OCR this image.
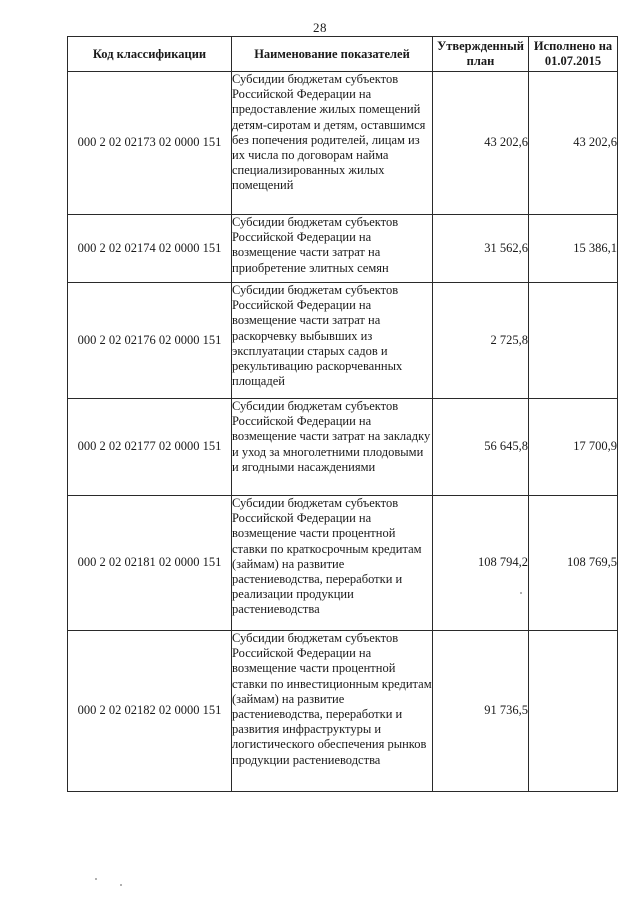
28
Код классификации	Наименование показателей	Утвержденный план	Исполнено на 01.07.2015
000 2 02 02173 02 0000 151	Субсидии бюджетам субъектов Российской Федерации на предоставление жилых помещений детям-сиротам и детям, оставшимся без попечения родителей, лицам из их числа по договорам найма специализированных жилых помещений	43 202,6	43 202,6
000 2 02 02174 02 0000 151	Субсидии бюджетам субъектов Российской Федерации на возмещение части затрат на приобретение элитных семян	31 562,6	15 386,1
000 2 02 02176 02 0000 151	Субсидии бюджетам субъектов Российской Федерации на возмещение части затрат на раскорчевку выбывших из эксплуатации старых садов и рекультивацию раскорчеванных площадей	2 725,8	
000 2 02 02177 02 0000 151	Субсидии бюджетам субъектов Российской Федерации на возмещение части затрат на закладку и уход за многолетними плодовыми и ягодными насаждениями	56 645,8	17 700,9
000 2 02 02181 02 0000 151	Субсидии бюджетам субъектов Российской Федерации на возмещение части процентной ставки по краткосрочным кредитам (займам) на развитие растениеводства, переработки и реализации продукции растениеводства	108 794,2	108 769,5
000 2 02 02182 02 0000 151	Субсидии бюджетам субъектов Российской Федерации на возмещение части процентной ставки по инвестиционным кредитам (займам) на развитие растениеводства, переработки и развития инфраструктуры и логистического обеспечения рынков продукции растениеводства	91 736,5	
